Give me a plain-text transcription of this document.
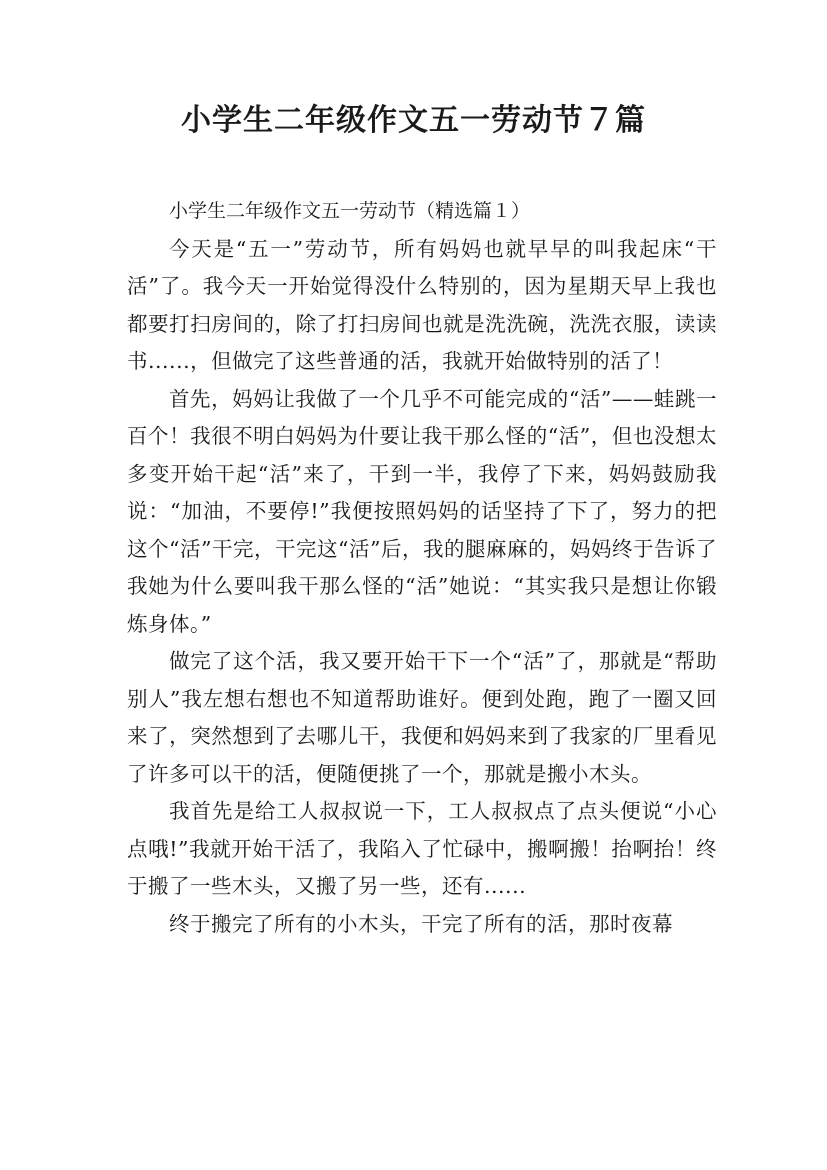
小学生二年级作文五一劳动节７篇

小学生二年级作文五一劳动节（精选篇１）

今天是“五一”劳动节，所有妈妈也就早早的叫我起床“干活”了。我今天一开始觉得没什么特别的，因为星期天早上我也都要打扫房间的，除了打扫房间也就是洗洗碗，洗洗衣服，读读书......，但做完了这些普通的活，我就开始做特别的活了！

首先，妈妈让我做了一个几乎不可能完成的“活”——蛙跳一百个！我很不明白妈妈为什要让我干那么怪的“活”，但也没想太多变开始干起“活”来了，干到一半，我停了下来，妈妈鼓励我说：“加油，不要停!”我便按照妈妈的话坚持了下了，努力的把这个“活”干完，干完这“活”后，我的腿麻麻的，妈妈终于告诉了我她为什么要叫我干那么怪的“活”她说：“其实我只是想让你锻炼身体。”

做完了这个活，我又要开始干下一个“活”了，那就是“帮助别人”我左想右想也不知道帮助谁好。便到处跑，跑了一圈又回来了，突然想到了去哪儿干，我便和妈妈来到了我家的厂里看见了许多可以干的活，便随便挑了一个，那就是搬小木头。

我首先是给工人叔叔说一下，工人叔叔点了点头便说“小心点哦!”我就开始干活了，我陷入了忙碌中，搬啊搬！抬啊抬！终于搬了一些木头，又搬了另一些，还有......

终于搬完了所有的小木头，干完了所有的活，那时夜幕
